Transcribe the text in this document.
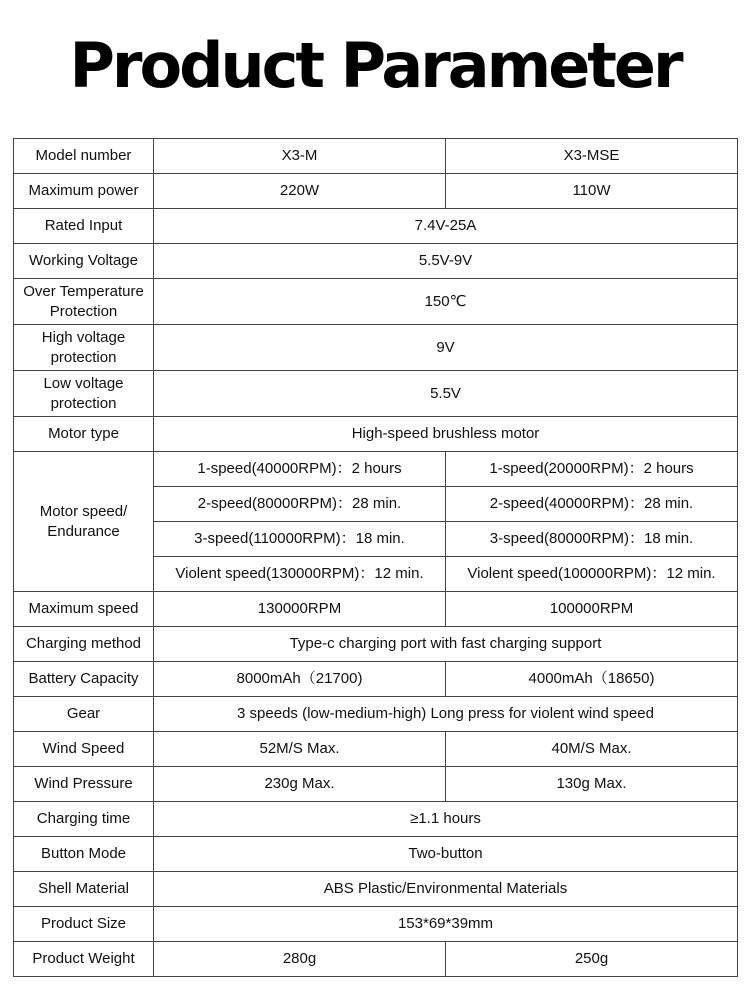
Product Parameter
Model number	X3-M	X3-MSE
Maximum power	220W	110W
Rated Input	7.4V-25A	
Working Voltage	5.5V-9V	
Over Temperature Protection	150℃	
High voltage protection	9V	
Low voltage protection	5.5V	
Motor type	High-speed brushless motor	
Motor speed/ Endurance	1-speed(40000RPM)：2 hours	1-speed(20000RPM)：2 hours
	2-speed(80000RPM)：28 min.	2-speed(40000RPM)：28 min.
	3-speed(110000RPM)：18 min.	3-speed(80000RPM)：18 min.
	Violent speed(130000RPM)：12 min.	Violent speed(100000RPM)：12 min.
Maximum speed	130000RPM	100000RPM
Charging method	Type-c charging port with fast charging support	
Battery Capacity	8000mAh（21700)	4000mAh（18650)
Gear	3 speeds (low-medium-high) Long press for violent wind speed	
Wind Speed	52M/S Max.	40M/S Max.
Wind Pressure	230g Max.	130g Max.
Charging time	≥1.1 hours	
Button Mode	Two-button	
Shell Material	ABS Plastic/Environmental Materials	
Product Size	153*69*39mm	
Product Weight	280g	250g
